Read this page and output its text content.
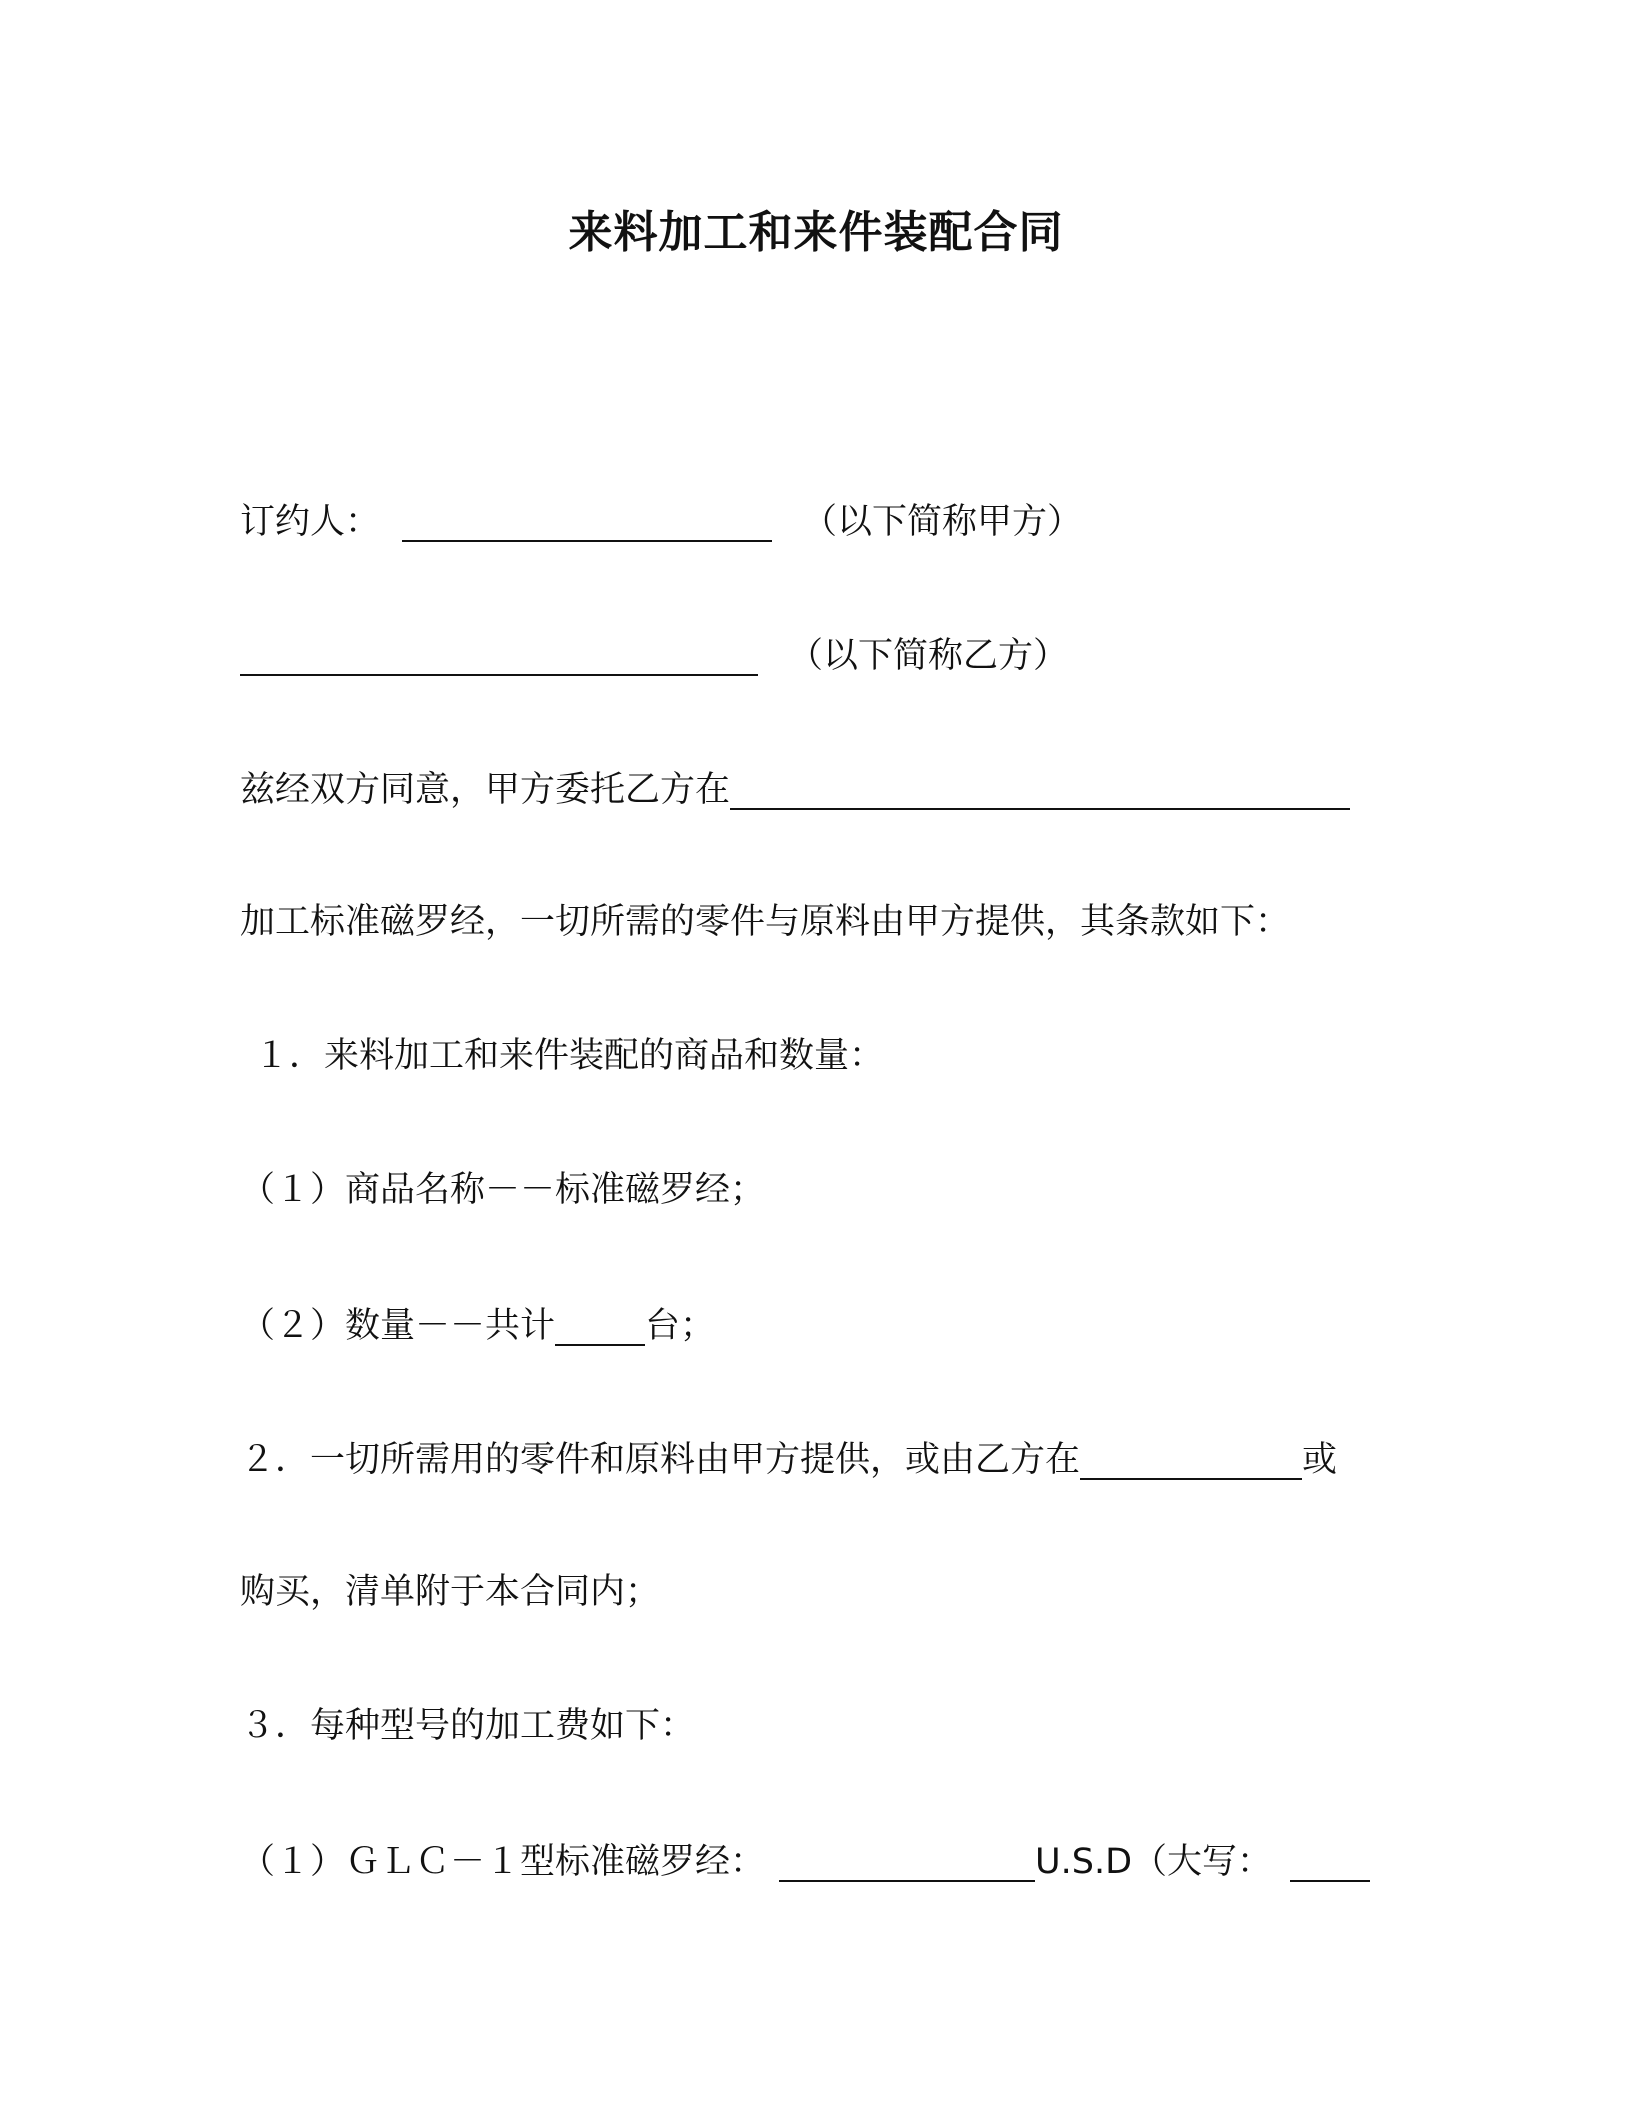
来料加工和来件装配合同
订约人：	（以下简称甲方）
（以下简称乙方）
兹经双方同意，甲方委托乙方在
加工标准磁罗经，一切所需的零件与原料由甲方提供，其条款如下：
１．来料加工和来件装配的商品和数量：
（１）商品名称－－标准磁罗经；
（２）数量－－共计	台；
２．一切所需用的零件和原料由甲方提供，或由乙方在	或
购买，清单附于本合同内；
３．每种型号的加工费如下：
（１）ＧＬＣ－１型标准磁罗经：	U.S.D（大写：
